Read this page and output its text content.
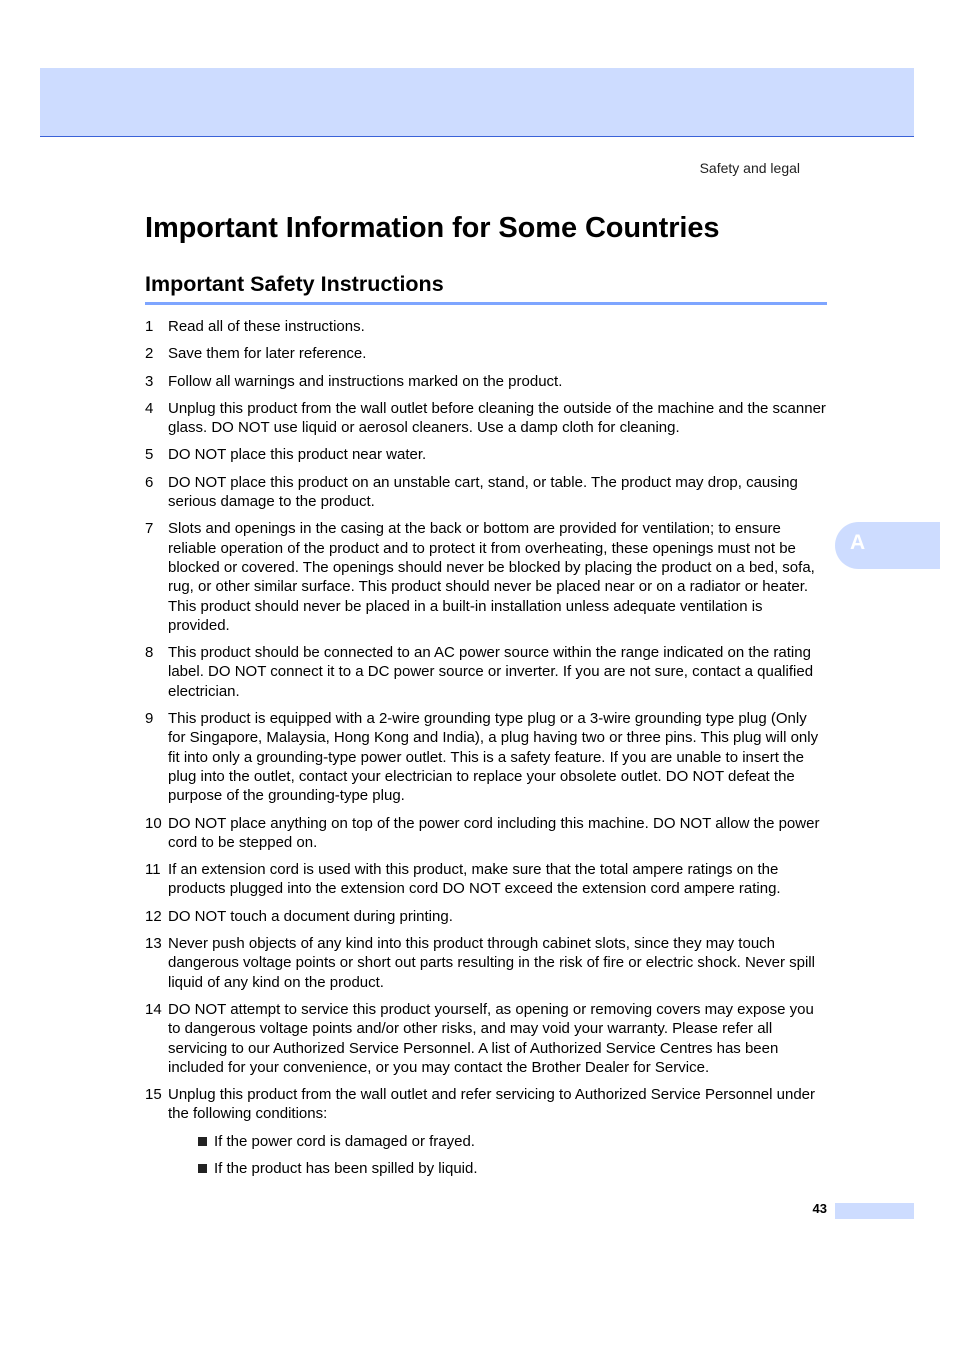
Safety and legal
Important Information for Some Countries
Important Safety Instructions
1 Read all of these instructions.
2 Save them for later reference.
3 Follow all warnings and instructions marked on the product.
4 Unplug this product from the wall outlet before cleaning the outside of the machine and the scanner glass. DO NOT use liquid or aerosol cleaners. Use a damp cloth for cleaning.
5 DO NOT place this product near water.
6 DO NOT place this product on an unstable cart, stand, or table. The product may drop, causing serious damage to the product.
7 Slots and openings in the casing at the back or bottom are provided for ventilation; to ensure reliable operation of the product and to protect it from overheating, these openings must not be blocked or covered. The openings should never be blocked by placing the product on a bed, sofa, rug, or other similar surface. This product should never be placed near or on a radiator or heater. This product should never be placed in a built-in installation unless adequate ventilation is provided.
8 This product should be connected to an AC power source within the range indicated on the rating label. DO NOT connect it to a DC power source or inverter. If you are not sure, contact a qualified electrician.
9 This product is equipped with a 2-wire grounding type plug or a 3-wire grounding type plug (Only for Singapore, Malaysia, Hong Kong and India), a plug having two or three pins. This plug will only fit into only a grounding-type power outlet. This is a safety feature. If you are unable to insert the plug into the outlet, contact your electrician to replace your obsolete outlet. DO NOT defeat the purpose of the grounding-type plug.
10 DO NOT place anything on top of the power cord including this machine. DO NOT allow the power cord to be stepped on.
11 If an extension cord is used with this product, make sure that the total ampere ratings on the products plugged into the extension cord DO NOT exceed the extension cord ampere rating.
12 DO NOT touch a document during printing.
13 Never push objects of any kind into this product through cabinet slots, since they may touch dangerous voltage points or short out parts resulting in the risk of fire or electric shock. Never spill liquid of any kind on the product.
14 DO NOT attempt to service this product yourself, as opening or removing covers may expose you to dangerous voltage points and/or other risks, and may void your warranty. Please refer all servicing to our Authorized Service Personnel. A list of Authorized Service Centres has been included for your convenience, or you may contact the Brother Dealer for Service.
15 Unplug this product from the wall outlet and refer servicing to Authorized Service Personnel under the following conditions:
If the power cord is damaged or frayed.
If the product has been spilled by liquid.
A
43
